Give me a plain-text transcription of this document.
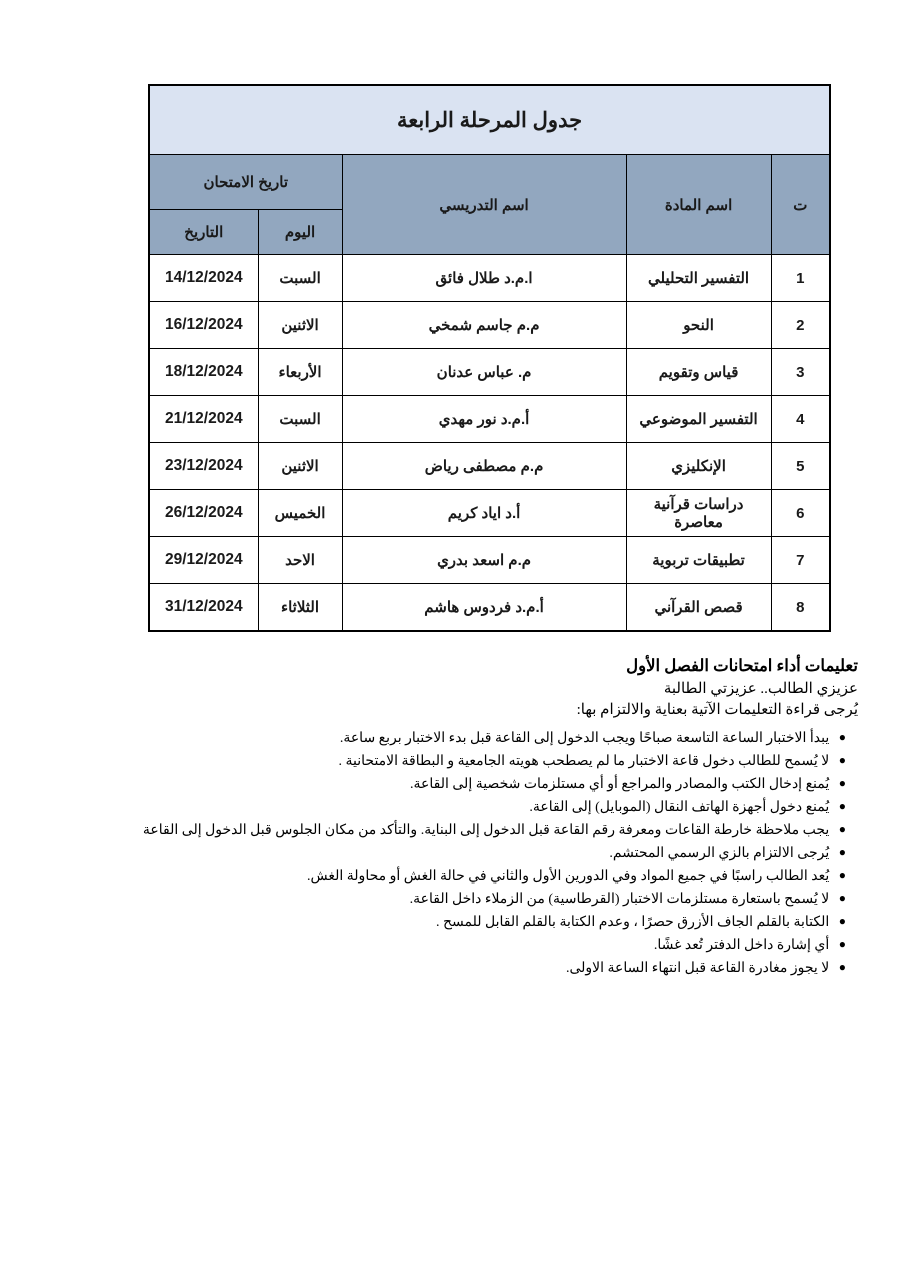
جدول المرحلة الرابعة				
ت	اسم المادة	اسم التدريسي	تاريخ الامتحان	
			اليوم	التاريخ
1	التفسير التحليلي	ا.م.د طلال فائق	السبت	14/12/2024
2	النحو	م.م جاسم شمخي	الاثنين	16/12/2024
3	قياس وتقويم	م. عباس عدنان	الأربعاء	18/12/2024
4	التفسير الموضوعي	أ.م.د نور مهدي	السبت	21/12/2024
5	الإنكليزي	م.م مصطفى رياض	الاثنين	23/12/2024
6	دراسات قرآنية معاصرة	أ.د اياد كريم	الخميس	26/12/2024
7	تطبيقات تربوية	م.م اسعد بدري	الاحد	29/12/2024
8	قصص القرآني	أ.م.د فردوس هاشم	الثلاثاء	31/12/2024
تعليمات أداء امتحانات الفصل الأول
عزيزي الطالب.. عزيزتي الطالبة
يُرجى قراءة التعليمات الآتية بعناية والالتزام بها:
● يبدأ الاختبار الساعة التاسعة صباحًا ويجب الدخول إلى القاعة قبل بدء الاختبار بربع ساعة.
● لا يُسمح للطالب دخول قاعة الاختبار ما لم يصطحب هويته الجامعية و البطاقة الامتحانية .
● يُمنع إدخال الكتب والمصادر والمراجع أو أي مستلزمات شخصية إلى القاعة.
● يُمنع دخول أجهزة الهاتف النقال (الموبايل) إلى القاعة.
● يجب ملاحظة خارطة القاعات ومعرفة رقم القاعة قبل الدخول إلى البناية. والتأكد من مكان الجلوس قبل الدخول إلى القاعة
● يُرجى الالتزام بالزي الرسمي المحتشم.
● يُعد الطالب راسبًا في جميع المواد وفي الدورين الأول والثاني في حالة الغش أو محاولة الغش.
● لا يُسمح باستعارة مستلزمات الاختبار (القرطاسية) من الزملاء داخل القاعة.
● الكتابة بالقلم الجاف الأزرق حصرًا ، وعدم الكتابة بالقلم القابل للمسح .
● أي إشارة داخل الدفتر تُعد غشًا.
● لا يجوز مغادرة القاعة قبل انتهاء الساعة الاولى.
